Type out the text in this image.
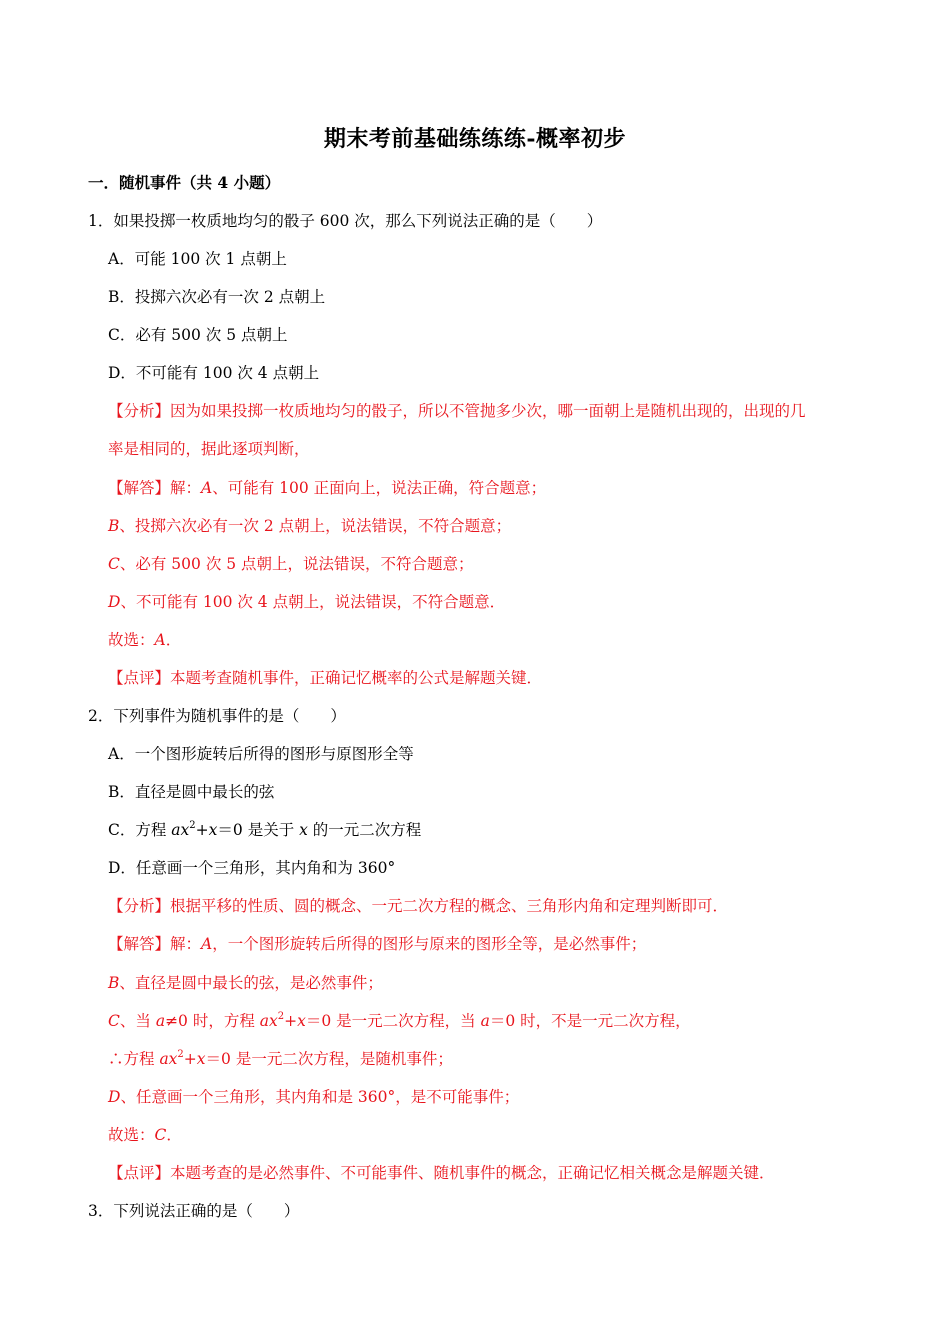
期末考前基础练练练-概率初步
一．随机事件（共 4 小题）
1．如果投掷一枚质地均匀的骰子 600 次，那么下列说法正确的是（　　）
A．可能 100 次 1 点朝上
B．投掷六次必有一次 2 点朝上
C．必有 500 次 5 点朝上
D．不可能有 100 次 4 点朝上
【分析】因为如果投掷一枚质地均匀的骰子，所以不管抛多少次，哪一面朝上是随机出现的，出现的几
率是相同的，据此逐项判断，
【解答】解：A、可能有 100 正面向上，说法正确，符合题意；
B、投掷六次必有一次 2 点朝上，说法错误，不符合题意；
C、必有 500 次 5 点朝上，说法错误，不符合题意；
D、不可能有 100 次 4 点朝上，说法错误，不符合题意．
故选：A．
【点评】本题考查随机事件，正确记忆概率的公式是解题关键．
2．下列事件为随机事件的是（　　）
A．一个图形旋转后所得的图形与原图形全等
B．直径是圆中最长的弦
C．方程 $ax^2+x=0$ 是关于 x 的一元二次方程
D．任意画一个三角形，其内角和为 360°
【分析】根据平移的性质、圆的概念、一元二次方程的概念、三角形内角和定理判断即可．
【解答】解：A，一个图形旋转后所得的图形与原来的图形全等，是必然事件；
B、直径是圆中最长的弦，是必然事件；
C、当 a≠0 时，方程 $ax^2+x=0$ 是一元二次方程，当 a＝0 时，不是一元二次方程，
∴方程 $ax^2+x=0$ 是一元二次方程，是随机事件；
D、任意画一个三角形，其内角和是 360°，是不可能事件；
故选：C．
【点评】本题考查的是必然事件、不可能事件、随机事件的概念，正确记忆相关概念是解题关键．
3．下列说法正确的是（　　）
